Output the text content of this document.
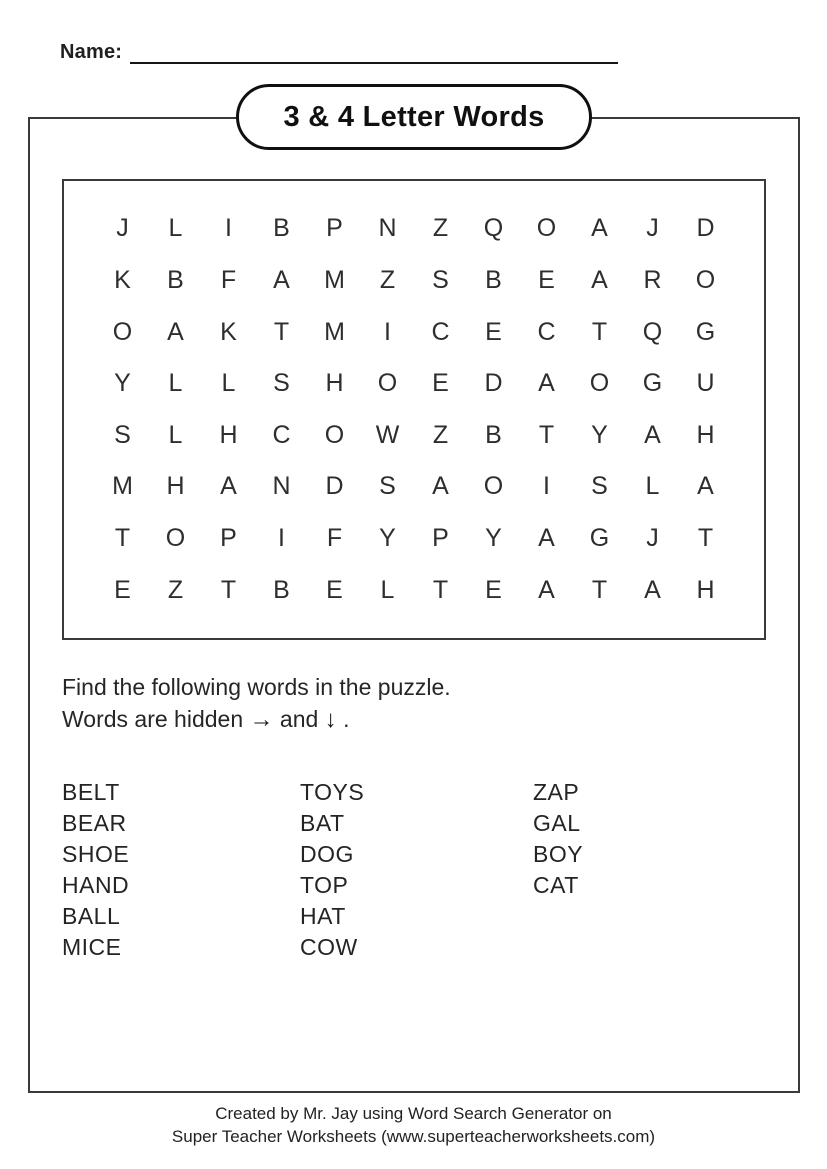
Name:
3 & 4 Letter Words
J L I B P N Z Q O A J D
K B F A M Z S B E A R O
O A K T M I C E C T Q G
Y L L S H O E D A O G U
S L H C O W Z B T Y A H
M H A N D S A O I S L A
T O P I F Y P Y A G J T
E Z T B E L T E A T A H
Find the following words in the puzzle.
Words are hidden → and ↓ .
BELT
BEAR
SHOE
HAND
BALL
MICE
TOYS
BAT
DOG
TOP
HAT
COW
ZAP
GAL
BOY
CAT
Created by Mr. Jay using Word Search Generator on
Super Teacher Worksheets (www.superteacherworksheets.com)
